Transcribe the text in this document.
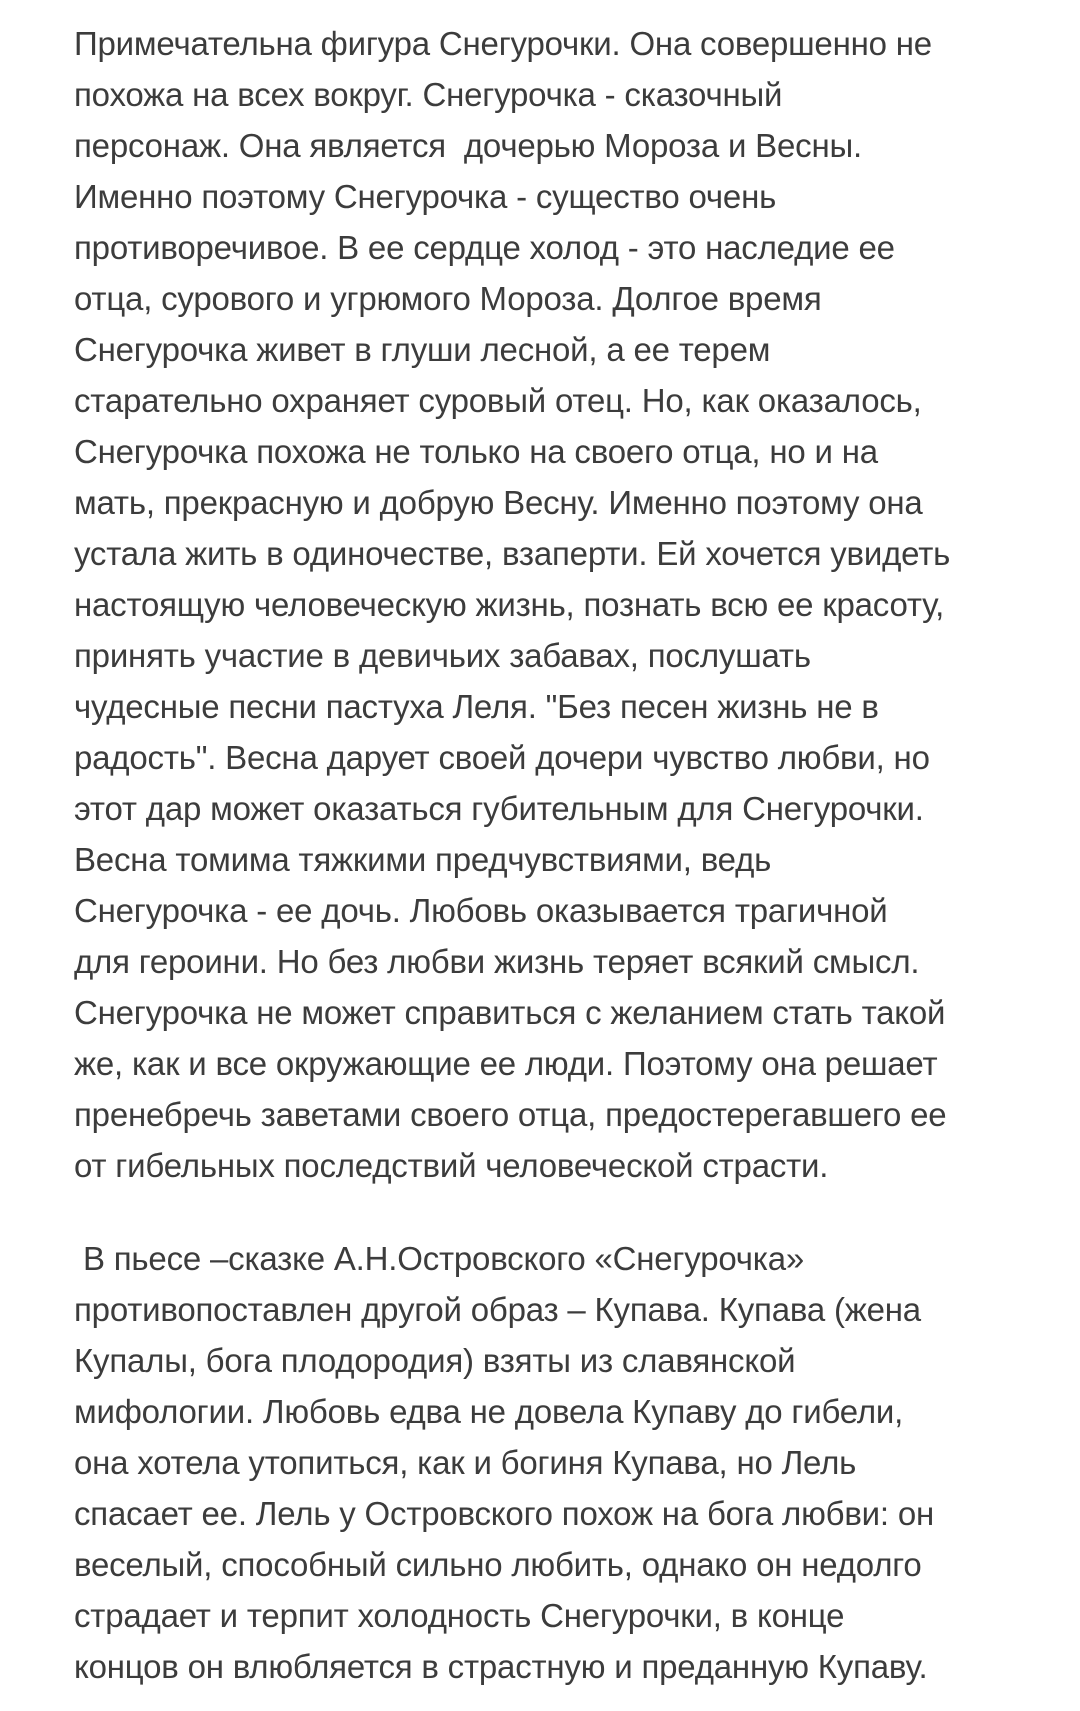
Примечательна фигура Снегурочки. Она совершенно не
похожа на всех вокруг. Снегурочка - сказочный
персонаж. Она является  дочерью Мороза и Весны.
Именно поэтому Снегурочка - существо очень
противоречивое. В ее сердце холод - это наследие ее
отца, сурового и угрюмого Мороза. Долгое время
Снегурочка живет в глуши лесной, а ее терем
старательно охраняет суровый отец. Но, как оказалось,
Снегурочка похожа не только на своего отца, но и на
мать, прекрасную и добрую Весну. Именно поэтому она
устала жить в одиночестве, взаперти. Ей хочется увидеть
настоящую человеческую жизнь, познать всю ее красоту,
принять участие в девичьих забавах, послушать
чудесные песни пастуха Леля. "Без песен жизнь не в
радость". Весна дарует своей дочери чувство любви, но
этот дар может оказаться губительным для Снегурочки.
Весна томима тяжкими предчувствиями, ведь
Снегурочка - ее дочь. Любовь оказывается трагичной
для героини. Но без любви жизнь теряет всякий смысл.
Снегурочка не может справиться с желанием стать такой
же, как и все окружающие ее люди. Поэтому она решает
пренебречь заветами своего отца, предостерегавшего ее
от гибельных последствий человеческой страсти.
В пьесе –сказке А.Н.Островского «Снегурочка»
противопоставлен другой образ – Купава. Купава (жена
Купалы, бога плодородия) взяты из славянской
мифологии. Любовь едва не довела Купаву до гибели,
она хотела утопиться, как и богиня Купава, но Лель
спасает ее. Лель у Островского похож на бога любви: он
веселый, способный сильно любить, однако он недолго
страдает и терпит холодность Снегурочки, в конце
концов он влюбляется в страстную и преданную Купаву.
